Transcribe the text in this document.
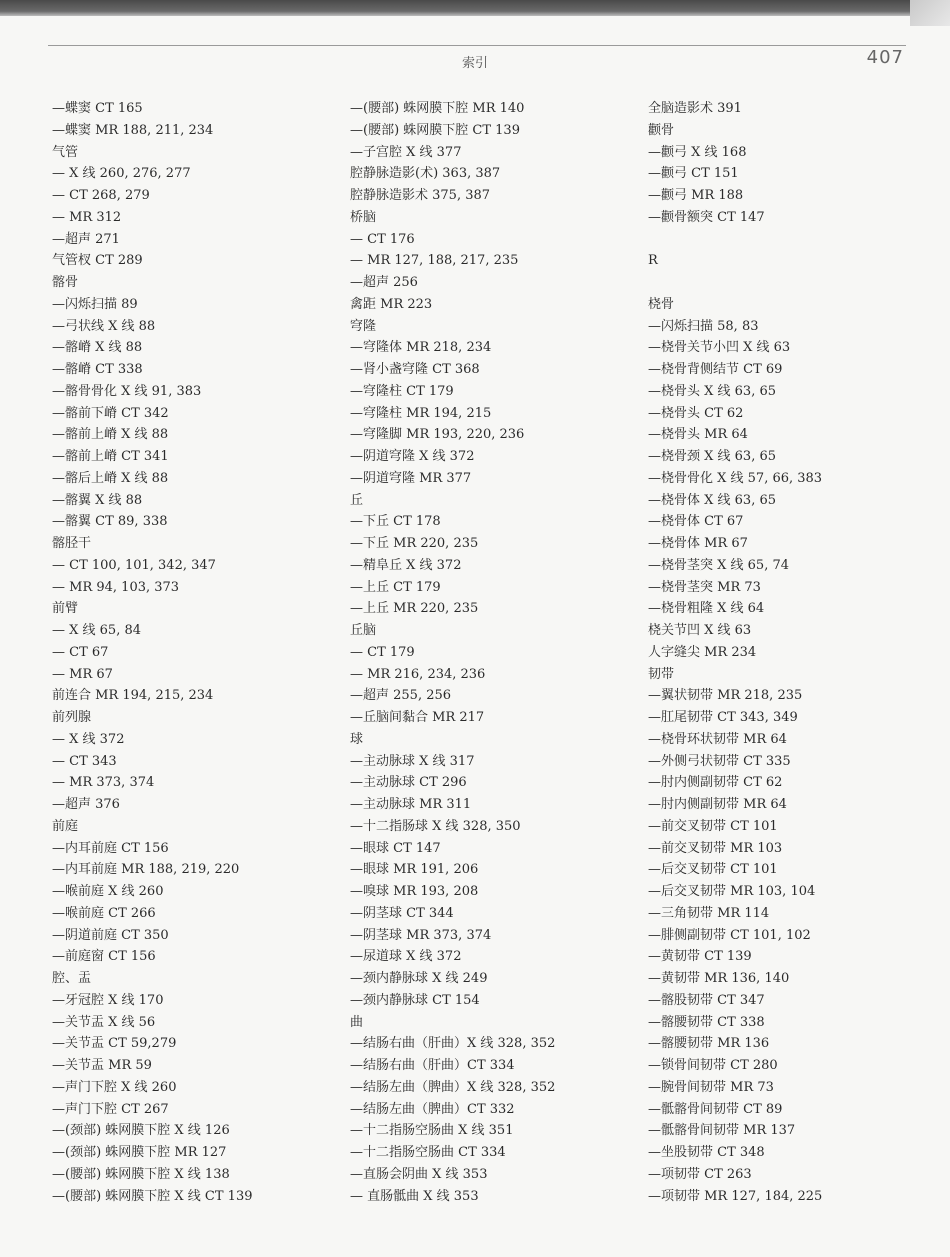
索引	407
—蝶窦 CT 165
—蝶窦 MR 188, 211, 234
气管
— X 线 260, 276, 277
— CT 268, 279
— MR 312
—超声 271
气管杈 CT 289
髂骨
—闪烁扫描 89
—弓状线 X 线 88
—髂嵴 X 线 88
—髂嵴 CT 338
—髂骨骨化 X 线 91, 383
—髂前下嵴 CT 342
—髂前上嵴 X 线 88
—髂前上嵴 CT 341
—髂后上嵴 X 线 88
—髂翼 X 线 88
—髂翼 CT 89, 338
髂胫干
— CT 100, 101, 342, 347
— MR 94, 103, 373
前臂
— X 线 65, 84
— CT 67
— MR 67
前连合 MR 194, 215, 234
前列腺
— X 线 372
— CT 343
— MR 373, 374
—超声 376
前庭
—内耳前庭 CT 156
—内耳前庭 MR 188, 219, 220
—喉前庭 X 线 260
—喉前庭 CT 266
—阴道前庭 CT 350
—前庭窗 CT 156
腔、盂
—牙冠腔 X 线 170
—关节盂 X 线 56
—关节盂 CT 59,279
—关节盂 MR 59
—声门下腔 X 线 260
—声门下腔 CT 267
—(颈部) 蛛网膜下腔 X 线 126
—(颈部) 蛛网膜下腔 MR 127
—(腰部) 蛛网膜下腔 X 线 138
—(腰部) 蛛网膜下腔 X 线 CT 139
—(腰部) 蛛网膜下腔 MR 140
—(腰部) 蛛网膜下腔 CT 139
—子宫腔 X 线 377
腔静脉造影(术) 363, 387
腔静脉造影术 375, 387
桥脑
— CT 176
— MR 127, 188, 217, 235
—超声 256
禽距 MR 223
穹隆
—穹隆体 MR 218, 234
—肾小盏穹隆 CT 368
—穹隆柱 CT 179
—穹隆柱 MR 194, 215
—穹隆脚 MR 193, 220, 236
—阴道穹隆 X 线 372
—阴道穹隆 MR 377
丘
—下丘 CT 178
—下丘 MR 220, 235
—精阜丘 X 线 372
—上丘 CT 179
—上丘 MR 220, 235
丘脑
— CT 179
— MR 216, 234, 236
—超声 255, 256
—丘脑间黏合 MR 217
球
—主动脉球 X 线 317
—主动脉球 CT 296
—主动脉球 MR 311
—十二指肠球 X 线 328, 350
—眼球 CT 147
—眼球 MR 191, 206
—嗅球 MR 193, 208
—阴茎球 CT 344
—阴茎球 MR 373, 374
—尿道球 X 线 372
—颈内静脉球 X 线 249
—颈内静脉球 CT 154
曲
—结肠右曲（肝曲）X 线 328, 352
—结肠右曲（肝曲）CT 334
—结肠左曲（脾曲）X 线 328, 352
—结肠左曲（脾曲）CT 332
—十二指肠空肠曲 X 线 351
—十二指肠空肠曲 CT 334
—直肠会阴曲 X 线 353
— 直肠骶曲 X 线 353
全脑造影术 391
颧骨
—颧弓 X 线 168
—颧弓 CT 151
—颧弓 MR 188
—颧骨额突 CT 147
R
桡骨
—闪烁扫描 58, 83
—桡骨关节小凹 X 线 63
—桡骨背侧结节 CT 69
—桡骨头 X 线 63, 65
—桡骨头 CT 62
—桡骨头 MR 64
—桡骨颈 X 线 63, 65
—桡骨骨化 X 线 57, 66, 383
—桡骨体 X 线 63, 65
—桡骨体 CT 67
—桡骨体 MR 67
—桡骨茎突 X 线 65, 74
—桡骨茎突 MR 73
—桡骨粗隆 X 线 64
桡关节凹 X 线 63
人字缝尖 MR 234
韧带
—翼状韧带 MR 218, 235
—肛尾韧带 CT 343, 349
—桡骨环状韧带 MR 64
—外侧弓状韧带 CT 335
—肘内侧副韧带 CT 62
—肘内侧副韧带 MR 64
—前交叉韧带 CT 101
—前交叉韧带 MR 103
—后交叉韧带 CT 101
—后交叉韧带 MR 103, 104
—三角韧带 MR 114
—腓侧副韧带 CT 101, 102
—黄韧带 CT 139
—黄韧带 MR 136, 140
—髂股韧带 CT 347
—髂腰韧带 CT 338
—髂腰韧带 MR 136
—锁骨间韧带 CT 280
—腕骨间韧带 MR 73
—骶髂骨间韧带 CT 89
—骶髂骨间韧带 MR 137
—坐股韧带 CT 348
—项韧带 CT 263
—项韧带 MR 127, 184, 225
